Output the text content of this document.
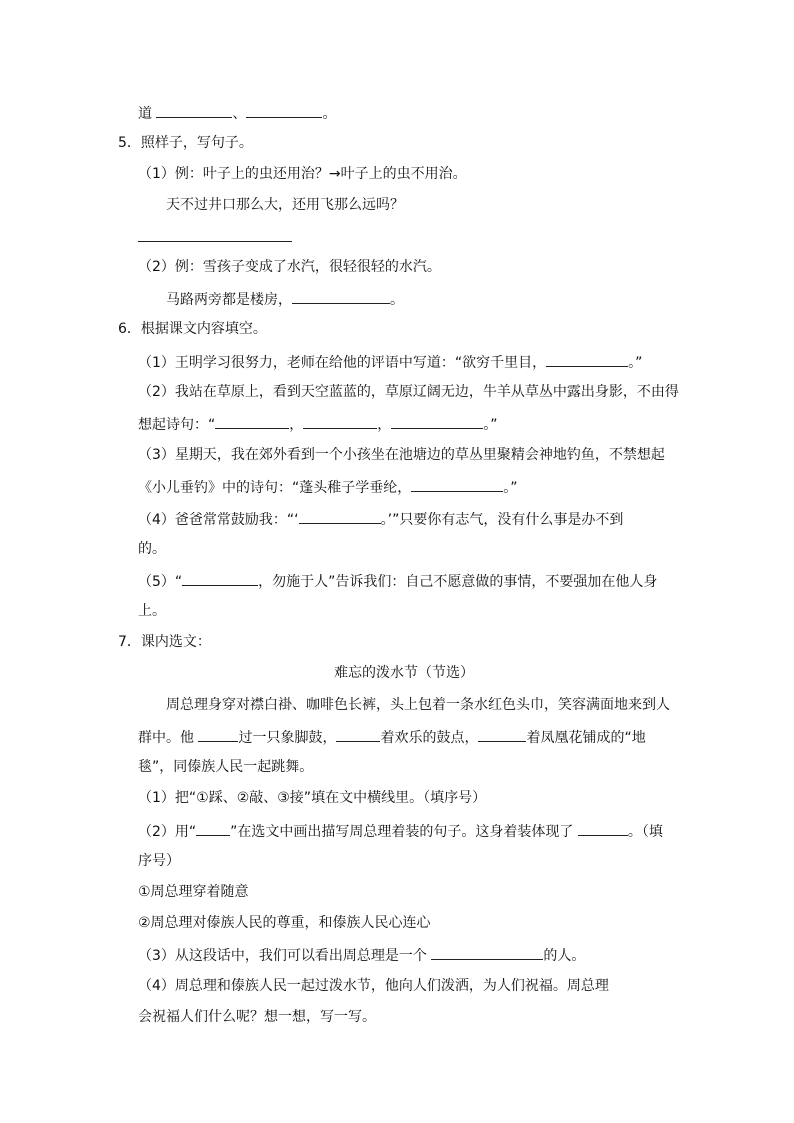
道	、	。
5．照样子，写句子。
（1）例：叶子上的虫还用治？→叶子上的虫不用治。
天不过井口那么大，还用飞那么远吗？
（2）例：雪孩子变成了水汽，很轻很轻的水汽。
马路两旁都是楼房，	。
6．根据课文内容填空。
（1）王明学习很努力，老师在给他的评语中写道：“欲穷千里目，	。”
（2）我站在草原上，看到天空蓝蓝的，草原辽阔无边，牛羊从草丛中露出身影，不由得
想起诗句：“	，	，	。”
（3）星期天，我在郊外看到一个小孩坐在池塘边的草丛里聚精会神地钓鱼，不禁想起
《小儿垂钓》中的诗句：“蓬头稚子学垂纶，	。”
（4）爸爸常常鼓励我：“‘	。’”只要你有志气，没有什么事是办不到
的。
（5）“	，勿施于人”告诉我们：自己不愿意做的事情，不要强加在他人身
上。
7．课内选文：
难忘的泼水节（节选）
周总理身穿对襟白褂、咖啡色长裤，头上包着一条水红色头巾，笑容满面地来到人
群中。他	过一只象脚鼓，	着欢乐的鼓点，	着凤凰花铺成的“地
毯”，同傣族人民一起跳舞。
（1）把“①踩、②敲、③接”填在文中横线里。（填序号）
（2）用“ ”在选文中画出描写周总理着装的句子。这身着装体现了	。（填
序号）
①周总理穿着随意
②周总理对傣族人民的尊重，和傣族人民心连心
（3）从这段话中，我们可以看出周总理是一个	的人。
（4）周总理和傣族人民一起过泼水节，他向人们泼洒，为人们祝福。周总理
会祝福人们什么呢？想一想，写一写。
